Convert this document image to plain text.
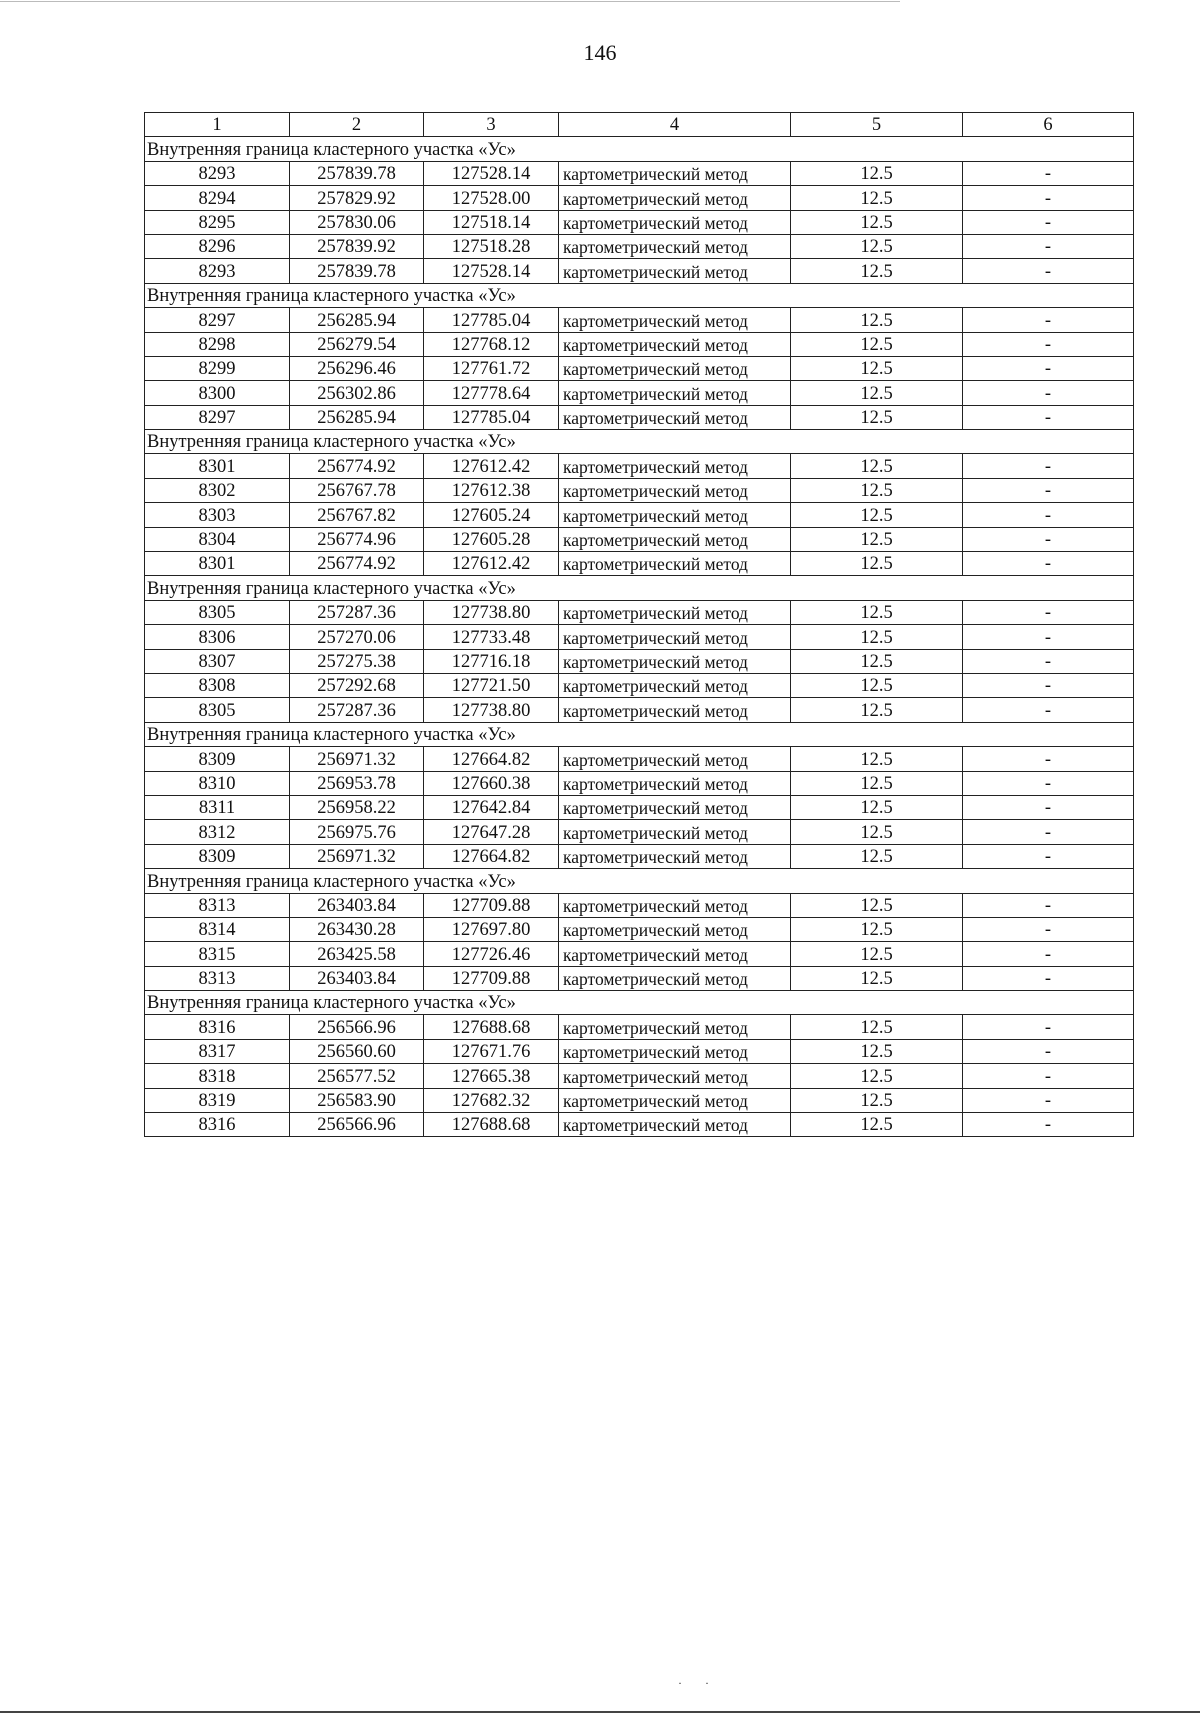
146
1	2	3	4	5	6
Внутренняя граница кластерного участка «Ус»					
8293	257839.78	127528.14	картометрический метод	12.5	-
8294	257829.92	127528.00	картометрический метод	12.5	-
8295	257830.06	127518.14	картометрический метод	12.5	-
8296	257839.92	127518.28	картометрический метод	12.5	-
8293	257839.78	127528.14	картометрический метод	12.5	-
Внутренняя граница кластерного участка «Ус»					
8297	256285.94	127785.04	картометрический метод	12.5	-
8298	256279.54	127768.12	картометрический метод	12.5	-
8299	256296.46	127761.72	картометрический метод	12.5	-
8300	256302.86	127778.64	картометрический метод	12.5	-
8297	256285.94	127785.04	картометрический метод	12.5	-
Внутренняя граница кластерного участка «Ус»					
8301	256774.92	127612.42	картометрический метод	12.5	-
8302	256767.78	127612.38	картометрический метод	12.5	-
8303	256767.82	127605.24	картометрический метод	12.5	-
8304	256774.96	127605.28	картометрический метод	12.5	-
8301	256774.92	127612.42	картометрический метод	12.5	-
Внутренняя граница кластерного участка «Ус»					
8305	257287.36	127738.80	картометрический метод	12.5	-
8306	257270.06	127733.48	картометрический метод	12.5	-
8307	257275.38	127716.18	картометрический метод	12.5	-
8308	257292.68	127721.50	картометрический метод	12.5	-
8305	257287.36	127738.80	картометрический метод	12.5	-
Внутренняя граница кластерного участка «Ус»					
8309	256971.32	127664.82	картометрический метод	12.5	-
8310	256953.78	127660.38	картометрический метод	12.5	-
8311	256958.22	127642.84	картометрический метод	12.5	-
8312	256975.76	127647.28	картометрический метод	12.5	-
8309	256971.32	127664.82	картометрический метод	12.5	-
Внутренняя граница кластерного участка «Ус»					
8313	263403.84	127709.88	картометрический метод	12.5	-
8314	263430.28	127697.80	картометрический метод	12.5	-
8315	263425.58	127726.46	картометрический метод	12.5	-
8313	263403.84	127709.88	картометрический метод	12.5	-
Внутренняя граница кластерного участка «Ус»					
8316	256566.96	127688.68	картометрический метод	12.5	-
8317	256560.60	127671.76	картометрический метод	12.5	-
8318	256577.52	127665.38	картометрический метод	12.5	-
8319	256583.90	127682.32	картометрический метод	12.5	-
8316	256566.96	127688.68	картометрический метод	12.5	-
· ·
